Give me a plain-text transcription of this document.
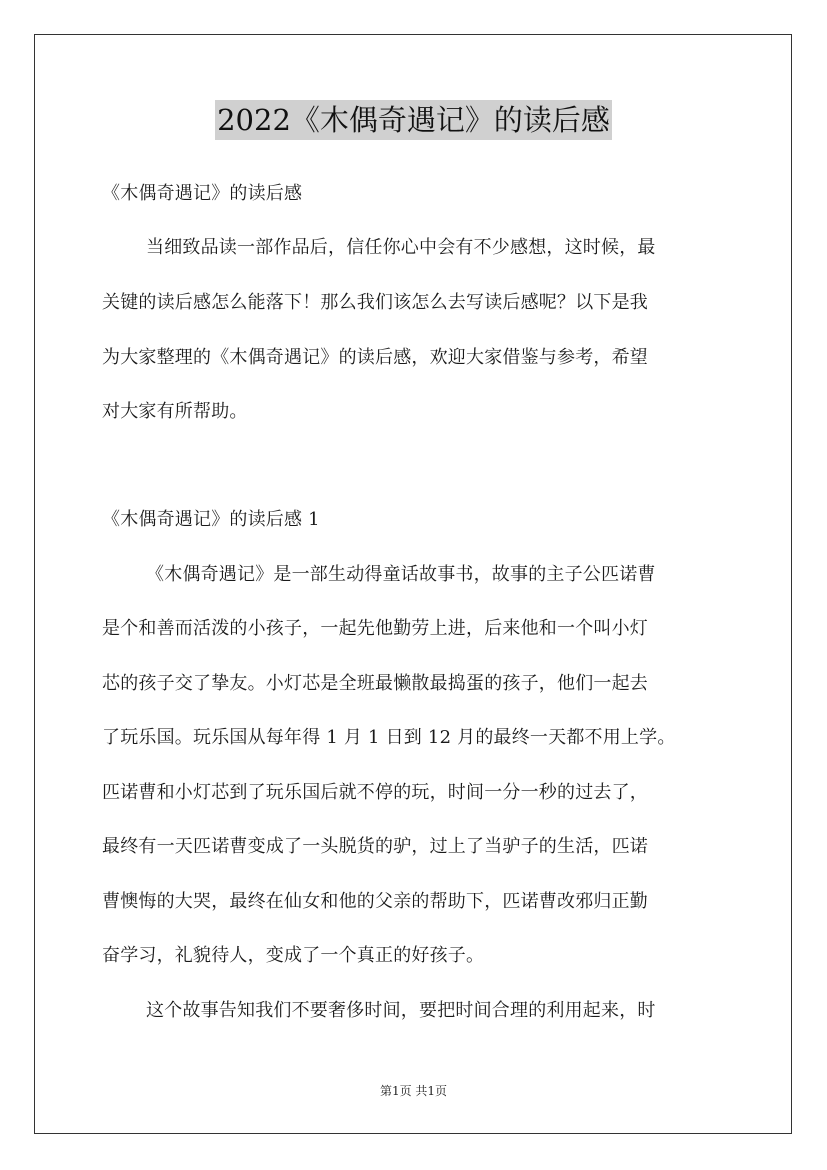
2022《木偶奇遇记》的读后感
《木偶奇遇记》的读后感
当细致品读一部作品后，信任你心中会有不少感想，这时候，最
关键的读后感怎么能落下！那么我们该怎么去写读后感呢？以下是我
为大家整理的《木偶奇遇记》的读后感，欢迎大家借鉴与参考，希望
对大家有所帮助。
《木偶奇遇记》的读后感 1
《木偶奇遇记》是一部生动得童话故事书，故事的主子公匹诺曹
是个和善而活泼的小孩子，一起先他勤劳上进，后来他和一个叫小灯
芯的孩子交了挚友。小灯芯是全班最懒散最捣蛋的孩子，他们一起去
了玩乐国。玩乐国从每年得 1 月 1 日到 12 月的最终一天都不用上学。
匹诺曹和小灯芯到了玩乐国后就不停的玩，时间一分一秒的过去了，
最终有一天匹诺曹变成了一头脱货的驴，过上了当驴子的生活，匹诺
曹懊悔的大哭，最终在仙女和他的父亲的帮助下，匹诺曹改邪归正勤
奋学习，礼貌待人，变成了一个真正的好孩子。
这个故事告知我们不要奢侈时间，要把时间合理的利用起来，时
第1页 共1页
